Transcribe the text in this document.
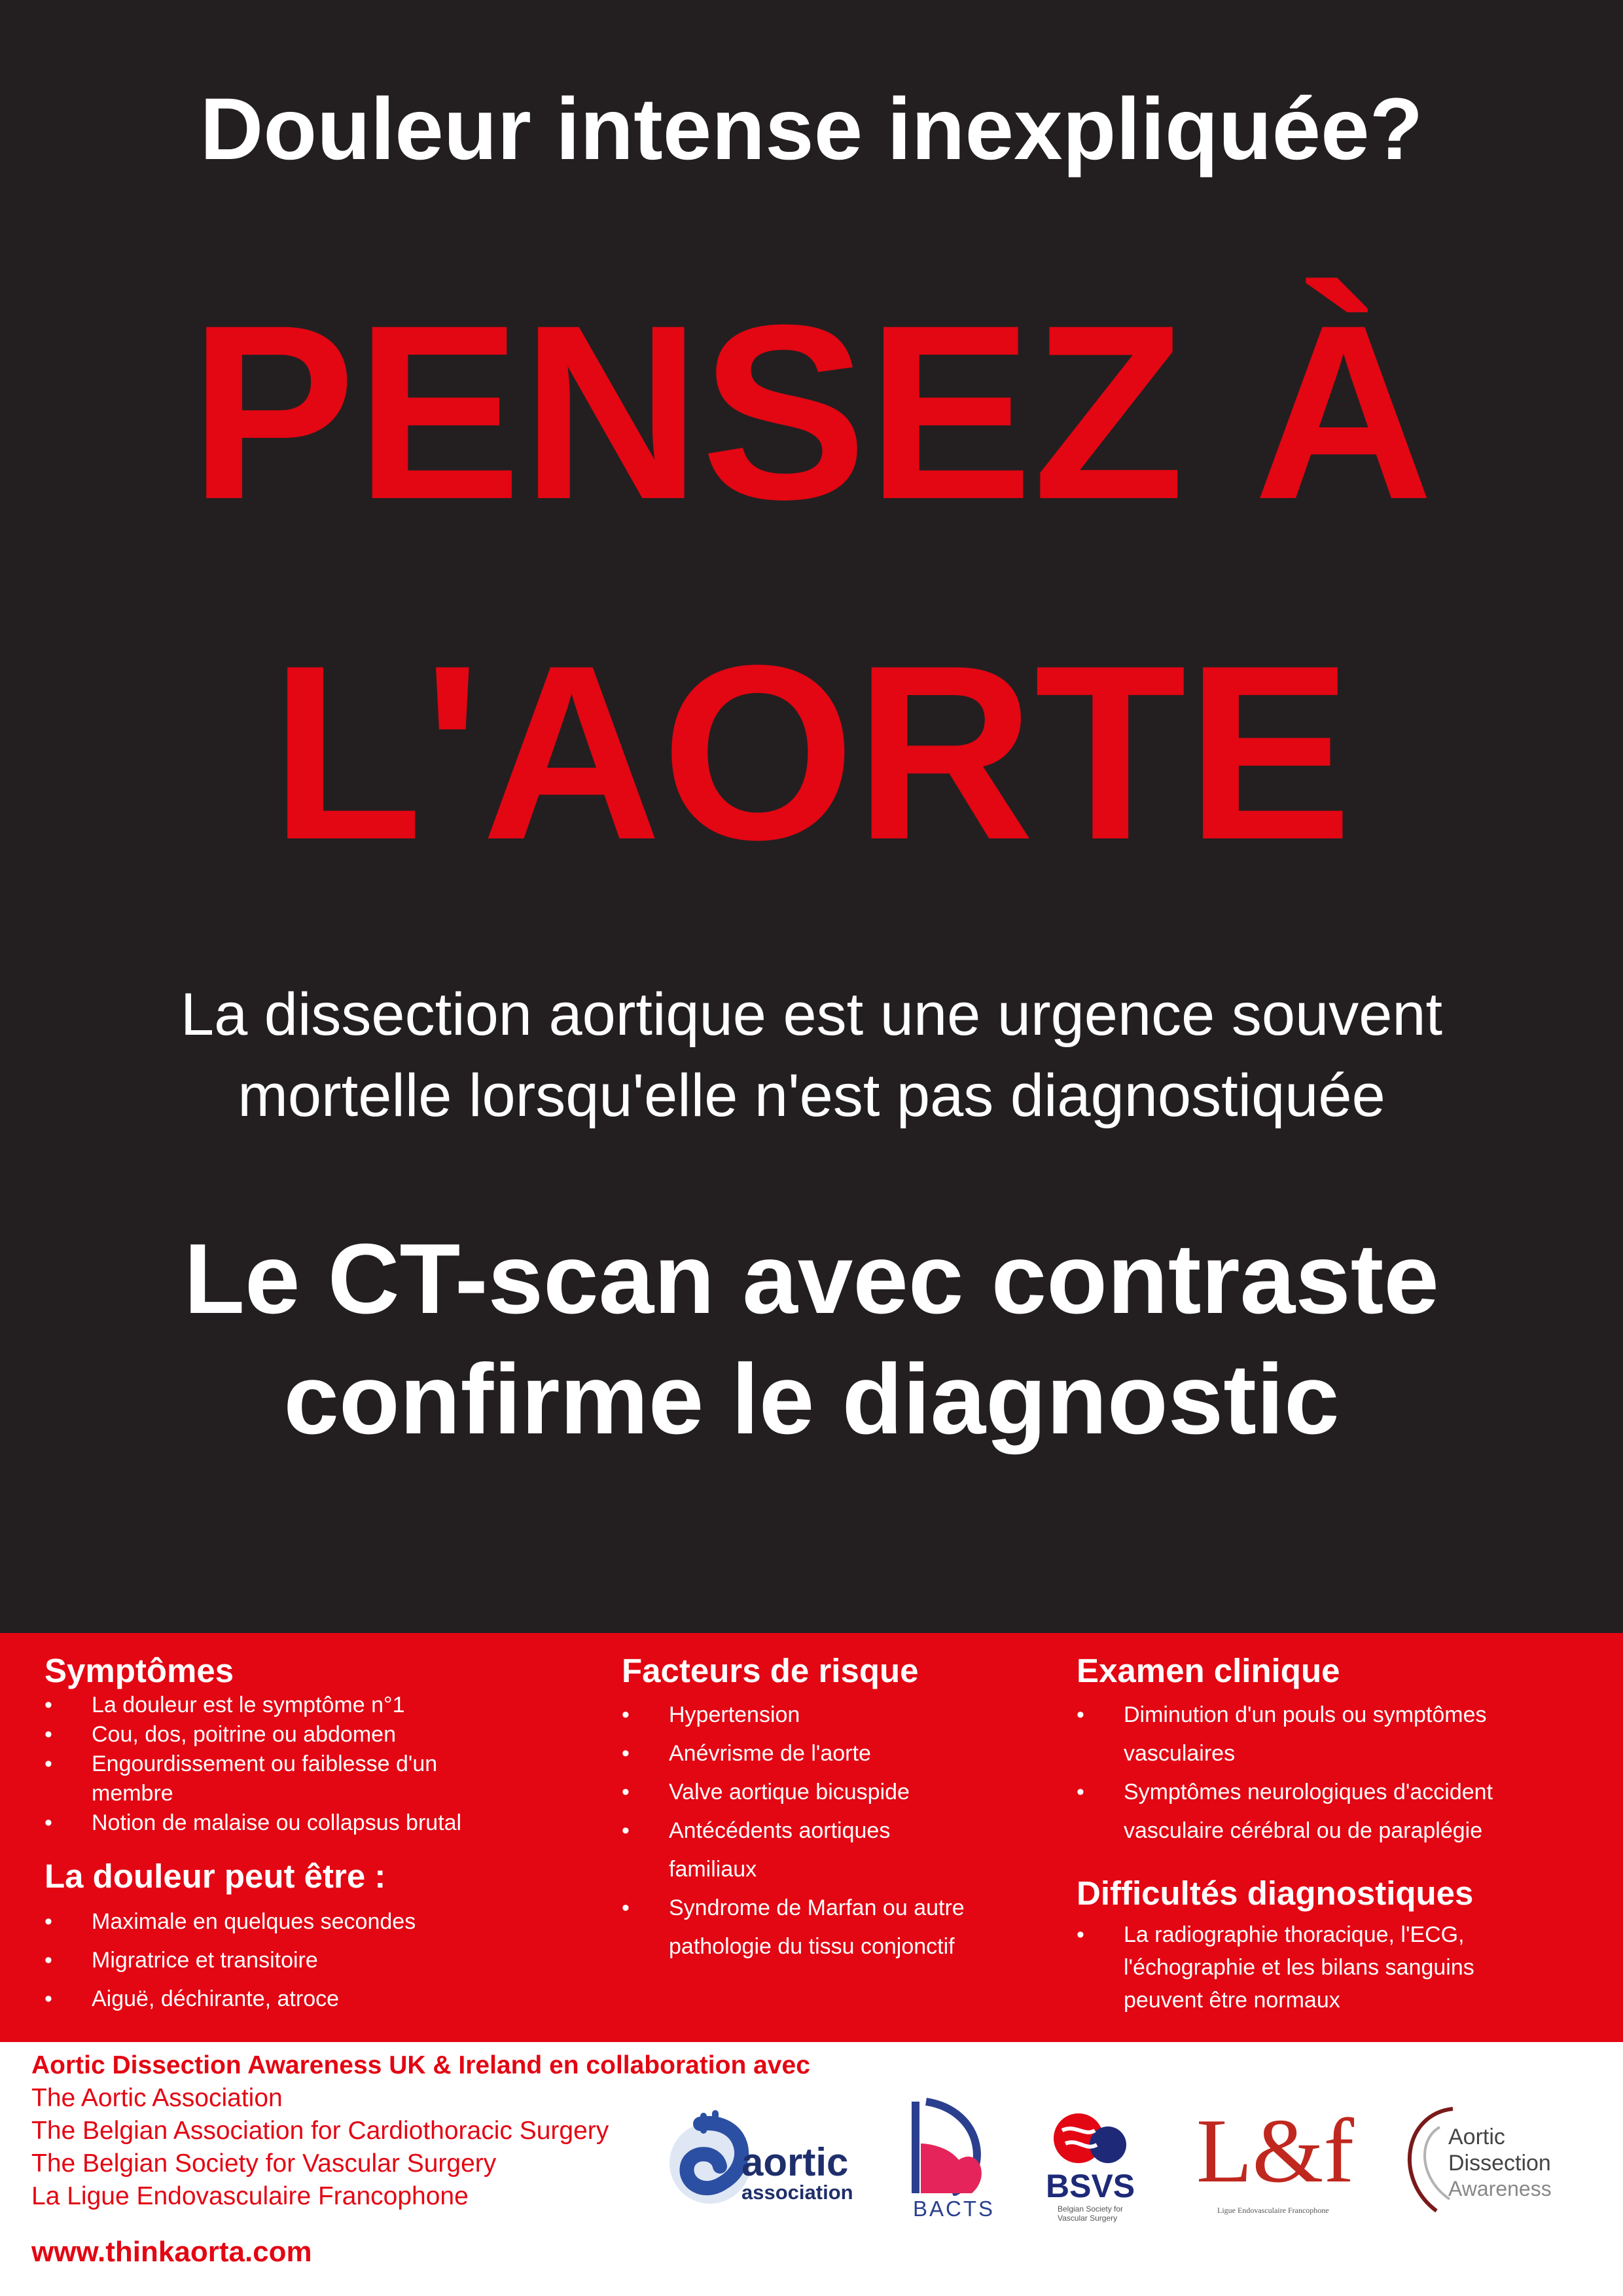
Douleur intense inexpliquée?
PENSEZ À
L'AORTE
La dissection aortique est une urgence souvent
mortelle lorsqu'elle n'est pas diagnostiquée
Le CT-scan avec contraste
confirme le diagnostic
Symptômes
• La douleur est le symptôme n°1
• Cou, dos, poitrine ou abdomen
• Engourdissement ou faiblesse d'un membre
• Notion de malaise ou collapsus brutal
La douleur peut être :
• Maximale en quelques secondes
• Migratrice et transitoire
• Aiguë, déchirante, atroce
Facteurs de risque
• Hypertension
• Anévrisme de l'aorte
• Valve aortique bicuspide
• Antécédents aortiques familiaux
• Syndrome de Marfan ou autre pathologie du tissu conjonctif
Examen clinique
• Diminution d'un pouls ou symptômes vasculaires
• Symptômes neurologiques d'accident vasculaire cérébral ou de paraplégie
Difficultés diagnostiques
• La radiographie thoracique, l'ECG, l'échographie et les bilans sanguins peuvent être normaux
Aortic Dissection Awareness UK & Ireland en collaboration avec
The Aortic Association
The Belgian Association for Cardiothoracic Surgery
The Belgian Society for Vascular Surgery
La Ligue Endovasculaire Francophone
www.thinkaorta.com
aortic
association
BACTS
BSVS
Belgian Society for
Vascular Surgery
L&f
Ligue Endovasculaire Francophone
Aortic
Dissection
Awareness
